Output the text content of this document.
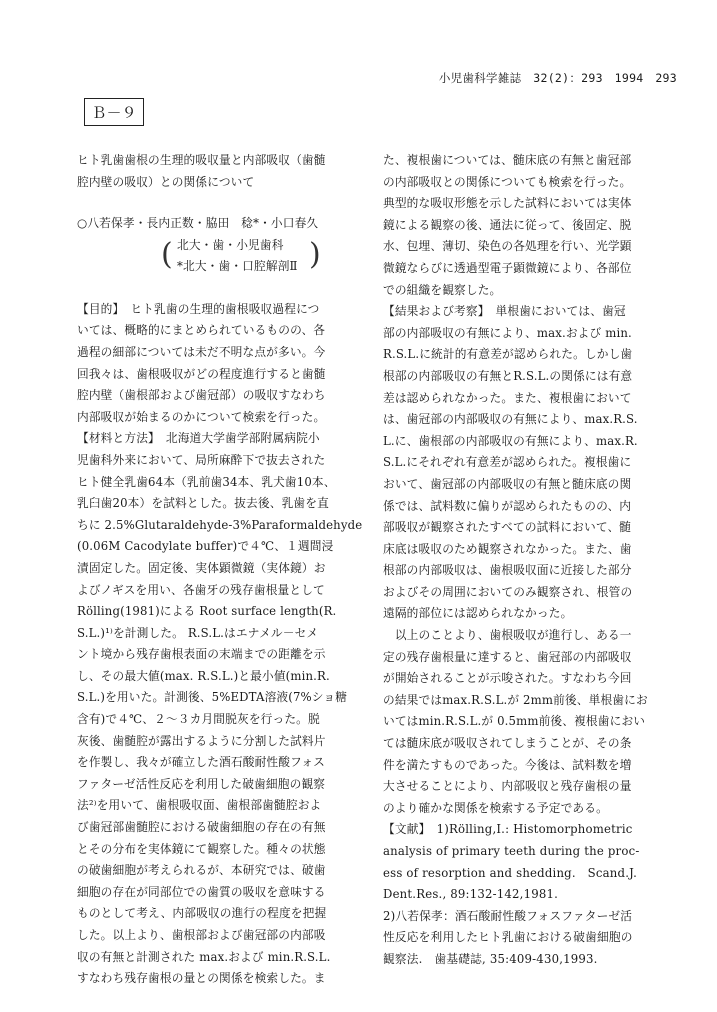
小児歯科学雑誌　32(2)：293　1994　293
Ｂ－９
ヒト乳歯歯根の生理的吸収量と内部吸収（歯髄
腔内壁の吸収）との関係について
○八若保孝・長内正数・脇田　稔*・小口春久
( 北大・歯・小児歯科
*北大・歯・口腔解剖Ⅱ )
【目的】　ヒト乳歯の生理的歯根吸収過程につ
いては、概略的にまとめられているものの、各
過程の細部については未だ不明な点が多い。今
回我々は、歯根吸収がどの程度進行すると歯髄
腔内壁（歯根部および歯冠部）の吸収すなわち
内部吸収が始まるのかについて検索を行った。
【材料と方法】　北海道大学歯学部附属病院小
児歯科外来において、局所麻酔下で抜去された
ヒト健全乳歯64本（乳前歯34本、乳犬歯10本、
乳臼歯20本）を試料とした。抜去後、乳歯を直
ちに 2.5%Glutaraldehyde-3%Paraformaldehyde
(0.06M Cacodylate buffer)で４℃、１週間浸
漬固定した。固定後、実体顕微鏡（実体鏡）お
よびノギスを用い、各歯牙の残存歯根量として
Rölling(1981)による Root surface length(R.
S.L.)¹⁾を計測した。 R.S.L.はエナメル－セメ
ント境から残存歯根表面の末端までの距離を示
し、その最大値(max. R.S.L.)と最小値(min.R.
S.L.)を用いた。計測後、5%EDTA溶液(7%ショ糖
含有)で４℃、２～３カ月間脱灰を行った。脱
灰後、歯髄腔が露出するように分割した試料片
を作製し、我々が確立した酒石酸耐性酸フォス
ファターゼ活性反応を利用した破歯細胞の観察
法²⁾を用いて、歯根吸収面、歯根部歯髄腔およ
び歯冠部歯髄腔における破歯細胞の存在の有無
とその分布を実体鏡にて観察した。種々の状態
の破歯細胞が考えられるが、本研究では、破歯
細胞の存在が同部位での歯質の吸収を意味する
ものとして考え、内部吸収の進行の程度を把握
した。以上より、歯根部および歯冠部の内部吸
収の有無と計測された max.および min.R.S.L.
すなわち残存歯根の量との関係を検索した。ま
た、複根歯については、髄床底の有無と歯冠部
の内部吸収との関係についても検索を行った。
典型的な吸収形態を示した試料においては実体
鏡による観察の後、通法に従って、後固定、脱
水、包埋、薄切、染色の各処理を行い、光学顕
微鏡ならびに透過型電子顕微鏡により、各部位
での組織を観察した。
【結果および考察】　単根歯においては、歯冠
部の内部吸収の有無により、max.および min.
R.S.L.に統計的有意差が認められた。しかし歯
根部の内部吸収の有無とR.S.L.の関係には有意
差は認められなかった。また、複根歯において
は、歯冠部の内部吸収の有無により、max.R.S.
L.に、歯根部の内部吸収の有無により、max.R.
S.L.にそれぞれ有意差が認められた。複根歯に
おいて、歯冠部の内部吸収の有無と髄床底の関
係では、試料数に偏りが認められたものの、内
部吸収が観察されたすべての試料において、髄
床底は吸収のため観察されなかった。また、歯
根部の内部吸収は、歯根吸収面に近接した部分
およびその周囲においてのみ観察され、根管の
遠隔的部位には認められなかった。
　以上のことより、歯根吸収が進行し、ある一
定の残存歯根量に達すると、歯冠部の内部吸収
が開始されることが示唆された。すなわち今回
の結果ではmax.R.S.L.が 2mm前後、単根歯にお
いてはmin.R.S.L.が 0.5mm前後、複根歯におい
ては髄床底が吸収されてしまうことが、その条
件を満たすものであった。今後は、試料数を増
大させることにより、内部吸収と残存歯根の量
のより確かな関係を検索する予定である。
【文献】　1)Rölling,I.: Histomorphometric
analysis of primary teeth during the proc-
ess of resorption and shedding.　Scand.J.
Dent.Res., 89:132-142,1981.
2)八若保孝：酒石酸耐性酸フォスファターゼ活
性反応を利用したヒト乳歯における破歯細胞の
観察法.　歯基礎誌, 35:409-430,1993.
